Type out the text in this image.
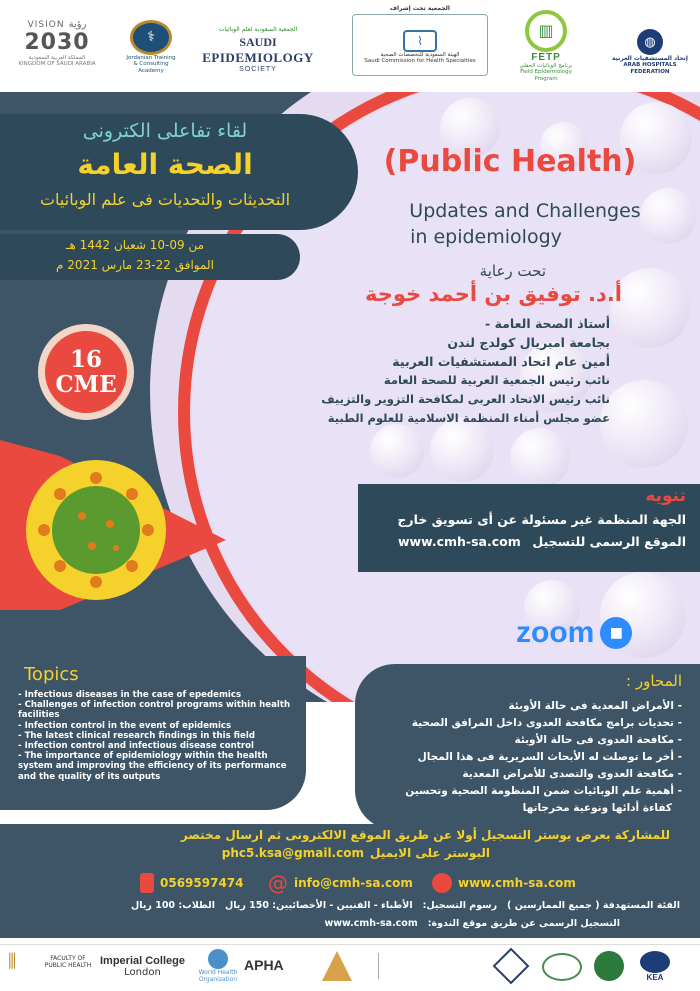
VISION رؤية
2030
المملكة العربية السعودية
KINGDOM OF SAUDI ARABIA
⚕
Jordanian Training & Consulting Academy
الجمعية السعودية لعلم الوبائيات
SAUDI
EPIDEMIOLOGY
SOCIETY
الجمعية تحت إشراف
⌇
الهيئة السعودية للتخصصات الصحية
Saudi Commission for Health Specialties
▥
FETP
برنامج الوبائيات الحقلي
Field Epidemiology Program
◍
إتحاد المستشفيات العربية
ARAB HOSPITALS FEDERATION
لقاء تفاعلى الكترونى
الصحة العامة
التحديثات والتحديات فى علم الوبائيات
من 09-10 شعبان 1442 هـ
الموافق 22-23 مارس 2021 م
(Public Health)
Updates and Challenges
in epidemiology
تحت رعاية
أ.د. توفيق بن أحمد خوجة
أستاذ الصحة العامة -
بجامعة امبريال كولدج لندن
أمين عام اتحاد المستشفيات العربية
نائب رئيس الجمعية العربية للصحة العامة
نائب رئيس الاتحاد العربى لمكافحة التزوير والتزييف
عضو مجلس أمناء المنظمة الاسلامية للعلوم الطبية
16
CME
تنويه
الجهة المنظمة غير مسئولة عن أى تسويق خارج
الموقع الرسمى للتسجيل
www.cmh-sa.com
zoom	■
Topics
- Infectious diseases in the case of epedemics
- Challenges of infection control programs within health facilities
- Infection control in the event of epidemics
- The latest clinical research findings in this field
- Infection control and infectious disease control
- The importance of epidemiology within the health system and improving the efficiency of its performance and the quality of its outputs
المحاور :
- الأمراض المعدية فى حالة الأوبئة
- تحديات برامج مكافحة العدوى داخل المرافق الصحية
- مكافحة العدوى فى حالة الأوبئة
- أخر ما توصلت له الأبحاث السريرية فى هذا المجال
- مكافحة العدوى والتصدى للأمراض المعدية
- أهمية علم الوبائيات ضمن المنظومة الصحية وتحسين
كفاءة أدائها ونوعية مخرجاتها
للمشاركة بعرض بوستر التسجيل أولا عن طريق الموقع الالكترونى ثم ارسال مختصر
البوستر على الايميل
phc5.ksa@gmail.com
0569597474 @ info@cmh-sa.com	www.cmh-sa.com
الفئة المستهدفة ( جميع الممارسين )
رسوم التسجيل:
الأطباء - الفنيين - الأخصائيين: 150 ريال
الطلاب: 100 ريال
التسجيل الرسمى عن طريق موقع الندوة:
www.cmh-sa.com
⫼	FACULTY OF PUBLIC HEALTH Imperial College
London	World Health Organization
APHA
KEA
